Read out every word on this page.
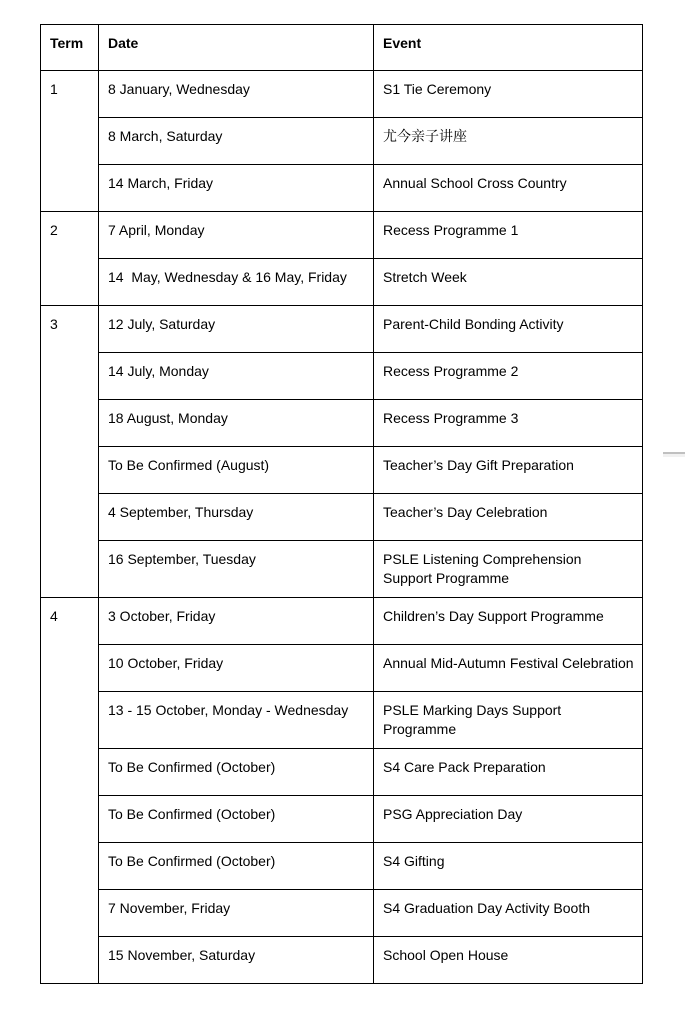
Term	Date	Event
1	8 January, Wednesday	S1 Tie Ceremony
	8 March, Saturday	尤今亲子讲座
	14 March, Friday	Annual School Cross Country
2	7 April, Monday	Recess Programme 1
	14  May, Wednesday & 16 May, Friday	Stretch Week
3	12 July, Saturday	Parent-Child Bonding Activity
	14 July, Monday	Recess Programme 2
	18 August, Monday	Recess Programme 3
	To Be Confirmed (August)	Teacher’s Day Gift Preparation
	4 September, Thursday	Teacher’s Day Celebration
	16 September, Tuesday	PSLE Listening Comprehension Support Programme
4	3 October, Friday	Children’s Day Support Programme
	10 October, Friday	Annual Mid-Autumn Festival Celebration
	13 - 15 October, Monday - Wednesday	PSLE Marking Days Support Programme
	To Be Confirmed (October)	S4 Care Pack Preparation
	To Be Confirmed (October)	PSG Appreciation Day
	To Be Confirmed (October)	S4 Gifting
	7 November, Friday	S4 Graduation Day Activity Booth
	15 November, Saturday	School Open House
